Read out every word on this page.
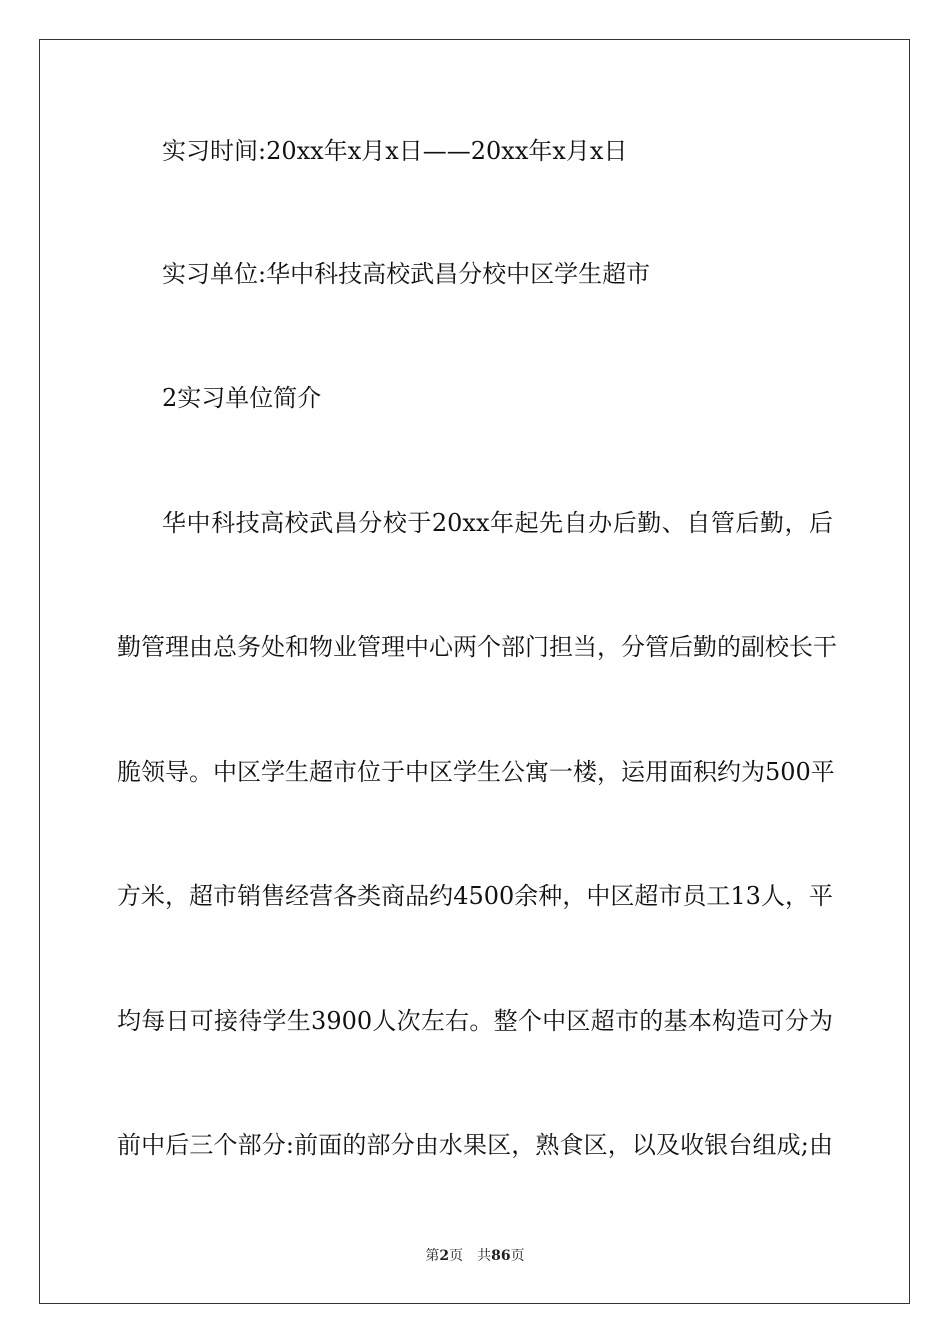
实习时间:20xx年x月x日——20xx年x月x日
实习单位:华中科技高校武昌分校中区学生超市
2实习单位简介
华中科技高校武昌分校于20xx年起先自办后勤、自管后勤，后
勤管理由总务处和物业管理中心两个部门担当，分管后勤的副校长干
脆领导。中区学生超市位于中区学生公寓一楼，运用面积约为500平
方米，超市销售经营各类商品约4500余种，中区超市员工13人，平
均每日可接待学生3900人次左右。整个中区超市的基本构造可分为
前中后三个部分:前面的部分由水果区，熟食区，以及收银台组成;由
第2页 共86页
